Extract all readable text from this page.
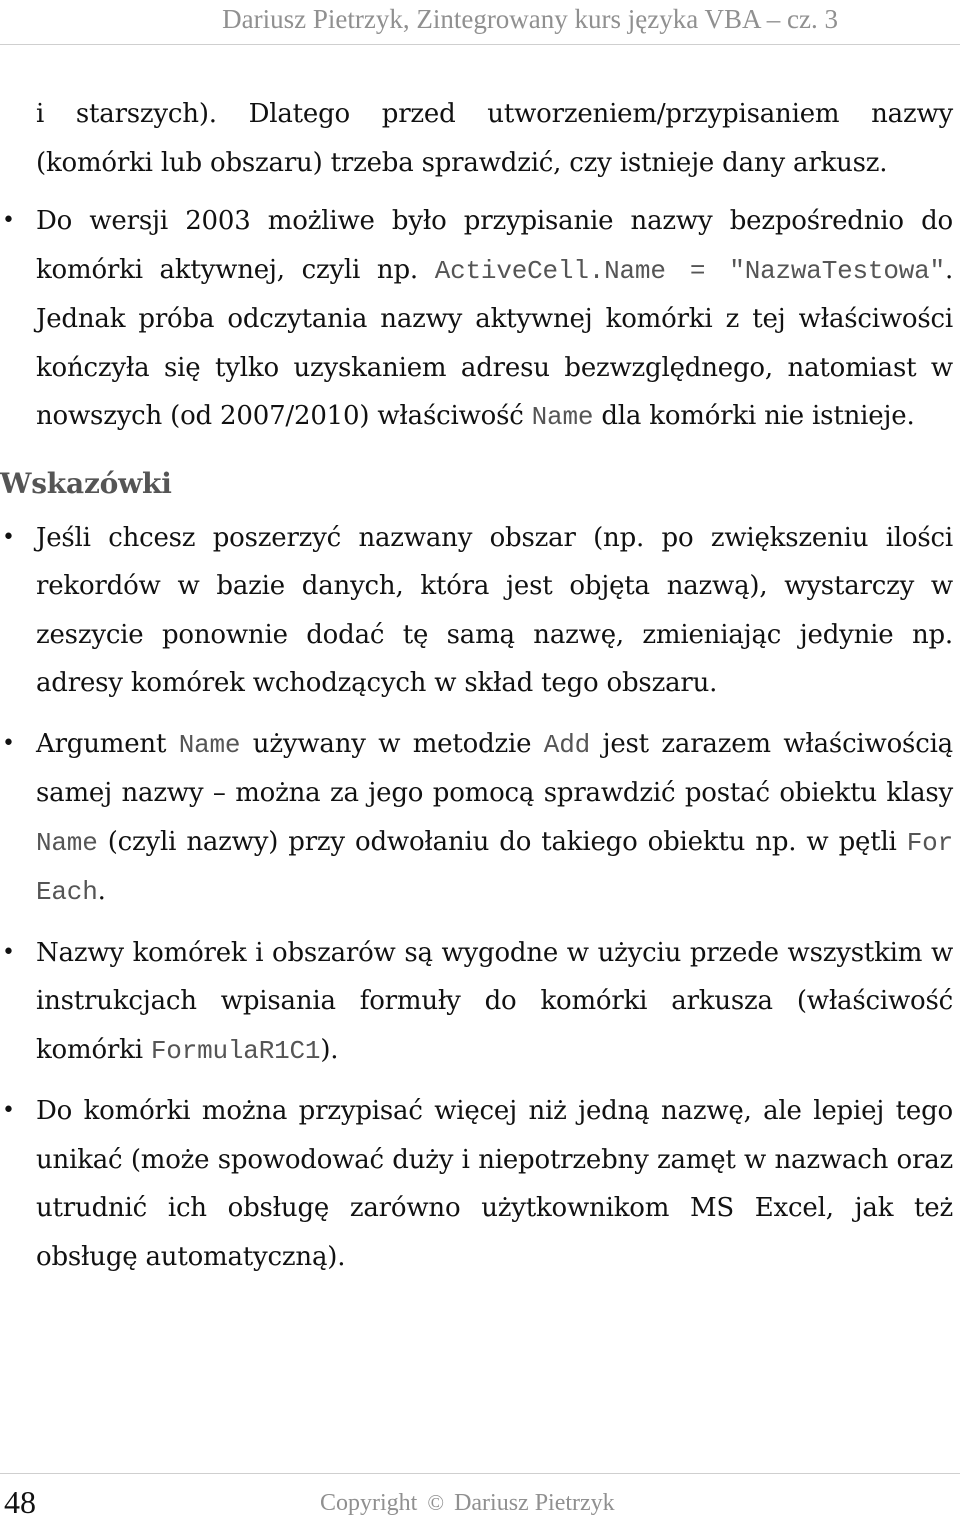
Dariusz Pietrzyk, Zintegrowany kurs języka VBA – cz. 3

i starszych). Dlatego przed utworzeniem/przypisaniem nazwy (komórki lub obszaru) trzeba sprawdzić, czy istnieje dany arkusz.

• Do wersji 2003 możliwe było przypisanie nazwy bezpośrednio do komórki aktywnej, czyli np. ActiveCell.Name = "NazwaTestowa". Jednak próba odczytania nazwy aktywnej komórki z tej właściwości kończyła się tylko uzyskaniem adresu bezwzględnego, natomiast w nowszych (od 2007/2010) właściwość Name dla komórki nie istnieje.
Wskazówki
• Jeśli chcesz poszerzyć nazwany obszar (np. po zwiększeniu ilości rekordów w bazie danych, która jest objęta nazwą), wystarczy w zeszycie ponownie dodać tę samą nazwę, zmieniając jedynie np. adresy komórek wchodzących w skład tego obszaru.
• Argument Name używany w metodzie Add jest zarazem właściwością samej nazwy – można za jego pomocą sprawdzić postać obiektu klasy Name (czyli nazwy) przy odwołaniu do takiego obiektu np. w pętli For Each.
• Nazwy komórek i obszarów są wygodne w użyciu przede wszystkim w instrukcjach wpisania formuły do komórki arkusza (właściwość komórki FormulaR1C1).
• Do komórki można przypisać więcej niż jedną nazwę, ale lepiej tego unikać (może spowodować duży i niepotrzebny zamęt w nazwach oraz utrudnić ich obsługę zarówno użytkownikom MS Excel, jak też obsługę automatyczną).
48	Copyright © Dariusz Pietrzyk
